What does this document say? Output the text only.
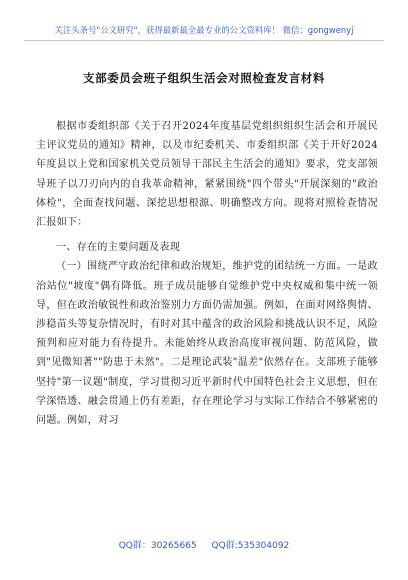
关注头条号"公文研究"，获得最新最全最专业的公文资料库！ 微信：gongwenyj
支部委员会班子组织生活会对照检查发言材料

根据市委组织部《关于召开2024年度基层党组织组织生活会和开展民主评议党员的通知》精神，以及市纪委机关、市委组织部《关于开好2024年度县以上党和国家机关党员领导干部民主生活会的通知》要求，党支部领导班子以刀刃向内的自我革命精神，紧紧围绕"四个带头"开展深刻的"政治体检"，全面查找问题、深挖思想根源、明确整改方向。现将对照检查情况汇报如下：

一、存在的主要问题及表现

（一）围绕严守政治纪律和政治规矩，维护党的团结统一方面。一是政治站位"坡度"偶有降低。班子成员能够自觉维护党中央权威和集中统一领导，但在政治敏锐性和政治鉴别力方面仍需加强。例如，在面对网络舆情、涉稳苗头等复杂情况时，有时对其中蕴含的政治风险和挑战认识不足，风险预判和应对能力有待提升。未能始终从政治高度审视问题、防范风险，做到"见微知著""防患于未然"。二是理论武装"温差"依然存在。支部班子能够坚持"第一议题"制度，学习贯彻习近平新时代中国特色社会主义思想，但在学深悟透、融会贯通上仍有差距，存在理论学习与实际工作结合不够紧密的问题。例如，对习

QQ群：30265665 QQ群:535304092
